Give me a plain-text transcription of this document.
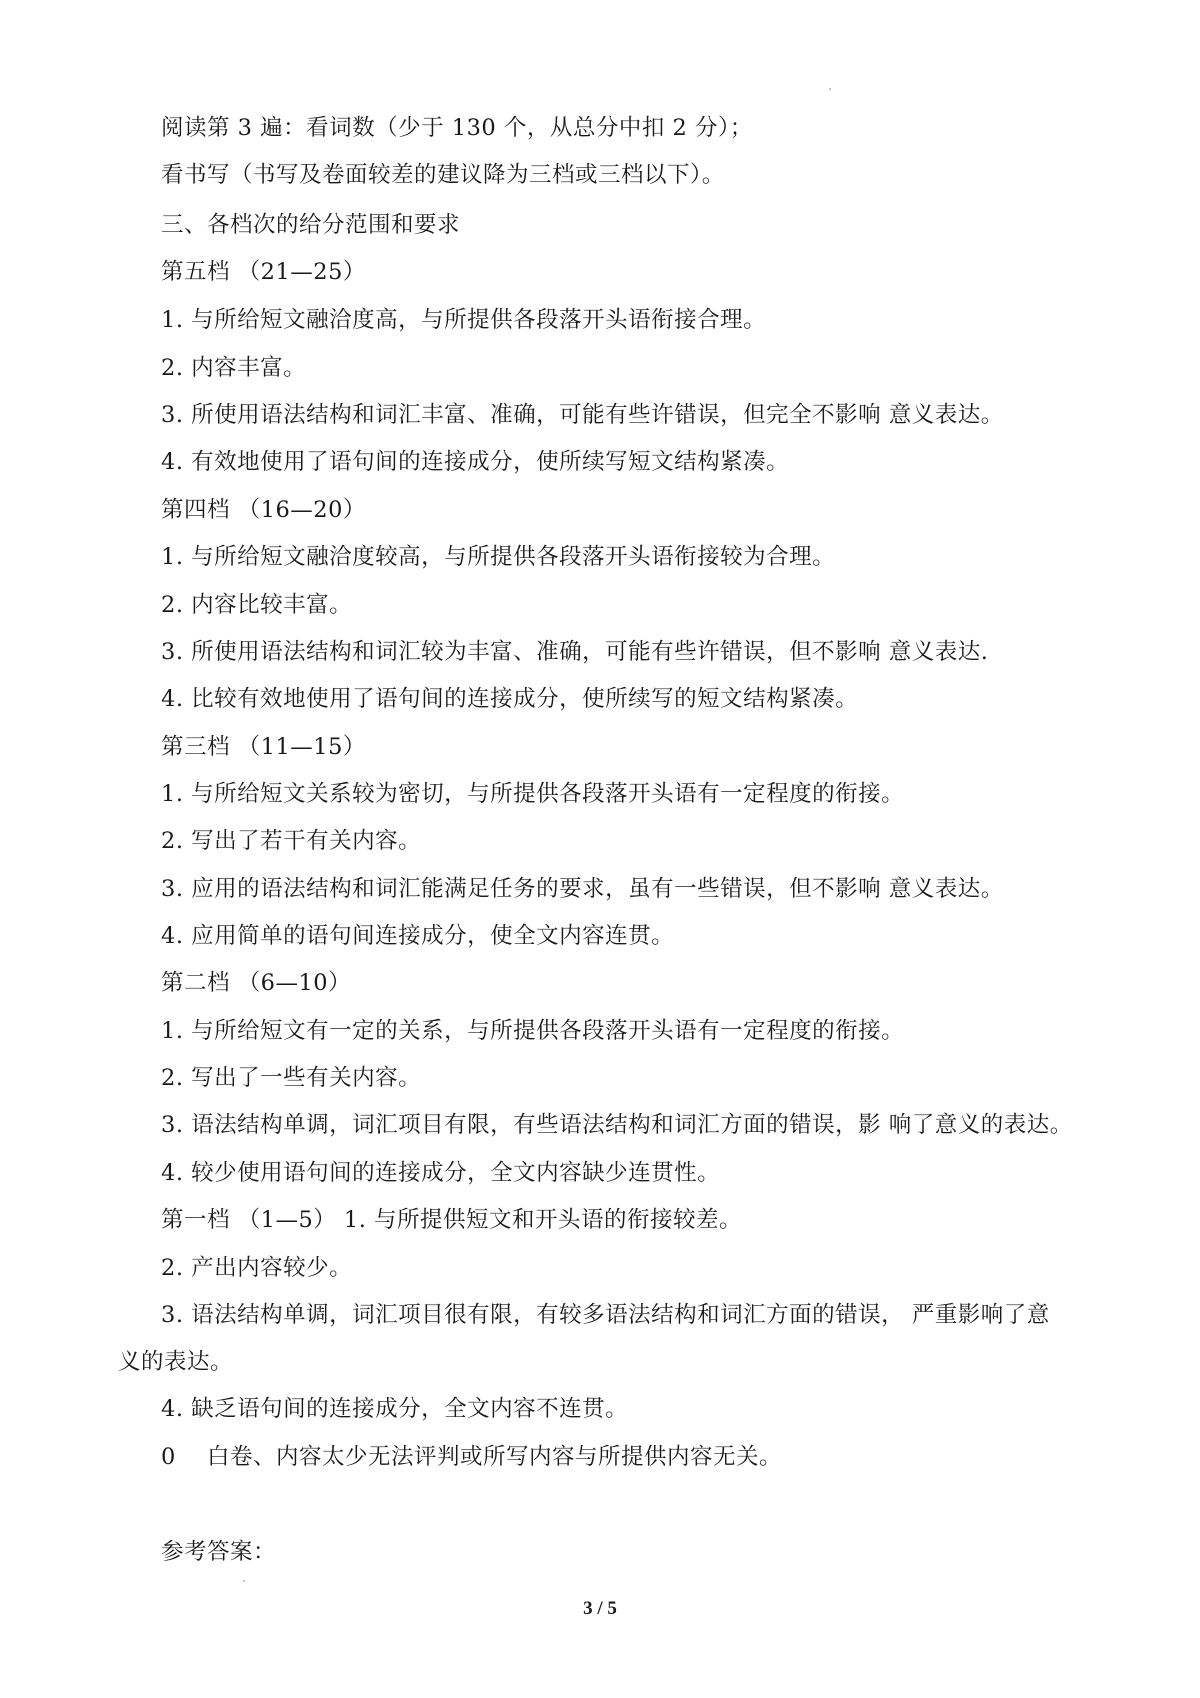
阅读第 3 遍：看词数（少于 130 个，从总分中扣 2 分）；
看书写（书写及卷面较差的建议降为三档或三档以下）。
三、各档次的给分范围和要求
第五档 （21—25）
1. 与所给短文融洽度高，与所提供各段落开头语衔接合理。
2. 内容丰富。
3. 所使用语法结构和词汇丰富、准确，可能有些许错误，但完全不影响 意义表达。
4. 有效地使用了语句间的连接成分，使所续写短文结构紧凑。
第四档 （16—20）
1. 与所给短文融洽度较高，与所提供各段落开头语衔接较为合理。
2. 内容比较丰富。
3. 所使用语法结构和词汇较为丰富、准确，可能有些许错误，但不影响 意义表达.
4. 比较有效地使用了语句间的连接成分，使所续写的短文结构紧凑。
第三档 （11—15）
1. 与所给短文关系较为密切，与所提供各段落开头语有一定程度的衔接。
2. 写出了若干有关内容。
3. 应用的语法结构和词汇能满足任务的要求，虽有一些错误，但不影响 意义表达。
4. 应用简单的语句间连接成分，使全文内容连贯。
第二档 （6—10）
1. 与所给短文有一定的关系，与所提供各段落开头语有一定程度的衔接。
2. 写出了一些有关内容。
3. 语法结构单调，词汇项目有限，有些语法结构和词汇方面的错误，影 响了意义的表达。
4. 较少使用语句间的连接成分，全文内容缺少连贯性。
第一档 （1—5） 1. 与所提供短文和开头语的衔接较差。
2. 产出内容较少。
3. 语法结构单调，词汇项目很有限，有较多语法结构和词汇方面的错误， 严重影响了意
义的表达。
4. 缺乏语句间的连接成分，全文内容不连贯。
0 白卷、内容太少无法评判或所写内容与所提供内容无关。
参考答案：
3 / 5
